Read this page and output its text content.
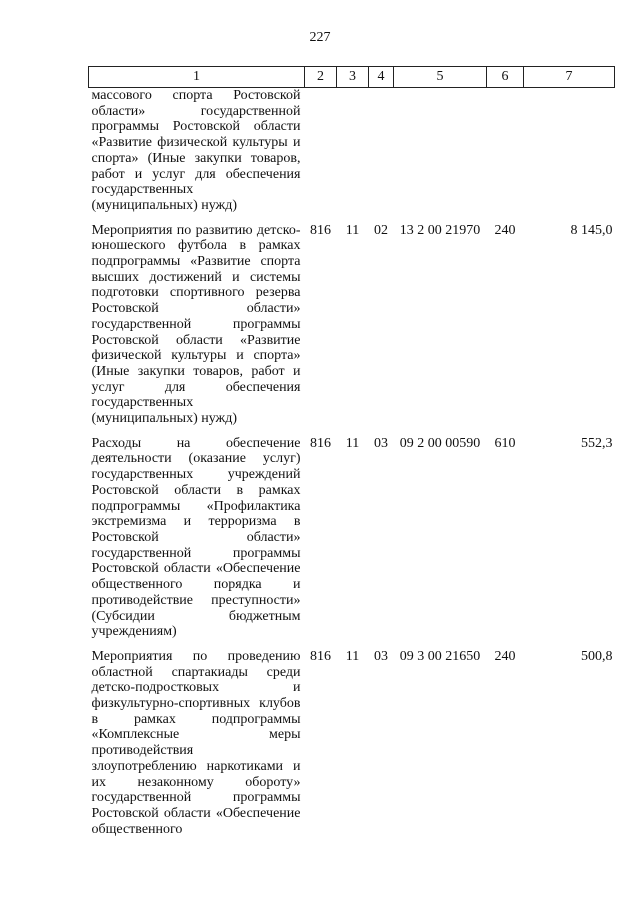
227
1	2	3	4	5	6	7
массового спорта Ростовской области» государственной программы Ростовской области «Развитие физической культуры и спорта» (Иные закупки товаров, работ и услуг для обеспечения государственных (муниципальных) нужд)						
Мероприятия по развитию детско-юношеского футбола в рамках подпрограммы «Развитие спорта высших достижений и системы подготовки спортивного резерва Ростовской области» государственной программы Ростовской области «Развитие физической культуры и спорта» (Иные закупки товаров, работ и услуг для обеспечения государственных (муниципальных) нужд)	816	11	02	13 2 00 21970	240	8 145,0
Расходы на обеспечение деятельности (оказание услуг) государственных учреждений Ростовской области в рамках подпрограммы «Профилактика экстремизма и терроризма в Ростовской области» государственной программы Ростовской области «Обеспечение общественного порядка и противодействие преступности» (Субсидии бюджетным учреждениям)	816	11	03	09 2 00 00590	610	552,3
Мероприятия по проведению областной спартакиады среди детско-подростковых и физкультурно-спортивных клубов в рамках подпрограммы «Комплексные меры противодействия злоупотреблению наркотиками и их незаконному обороту» государственной программы Ростовской области «Обеспечение общественного	816	11	03	09 3 00 21650	240	500,8
